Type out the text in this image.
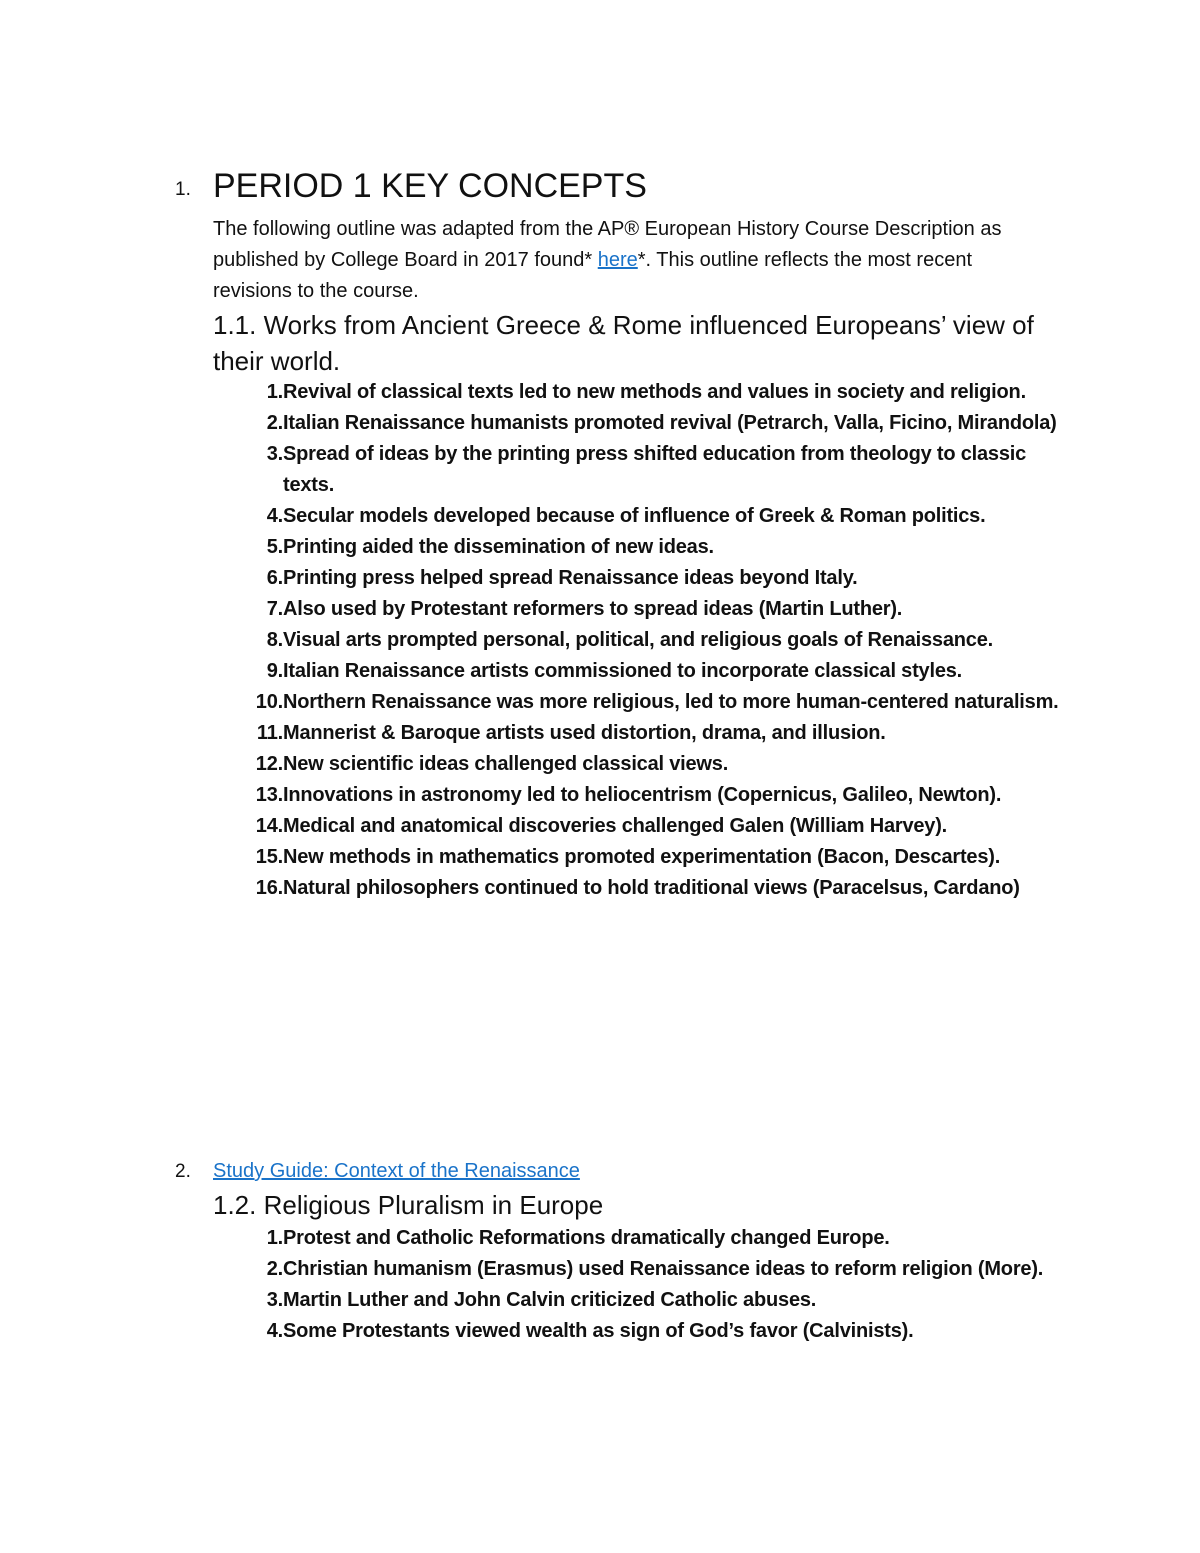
1. PERIOD 1 KEY CONCEPTS

The following outline was adapted from the AP® European History Course Description as published by College Board in 2017 found* here*. This outline reflects the most recent revisions to the course.

1.1. Works from Ancient Greece & Rome influenced Europeans’ view of their world.
1. Revival of classical texts led to new methods and values in society and religion.
2. Italian Renaissance humanists promoted revival (Petrarch, Valla, Ficino, Mirandola)
3. Spread of ideas by the printing press shifted education from theology to classic texts.
4. Secular models developed because of influence of Greek & Roman politics.
5. Printing aided the dissemination of new ideas.
6. Printing press helped spread Renaissance ideas beyond Italy.
7. Also used by Protestant reformers to spread ideas (Martin Luther).
8. Visual arts prompted personal, political, and religious goals of Renaissance.
9. Italian Renaissance artists commissioned to incorporate classical styles.
10. Northern Renaissance was more religious, led to more human-centered naturalism.
11. Mannerist & Baroque artists used distortion, drama, and illusion.
12. New scientific ideas challenged classical views.
13. Innovations in astronomy led to heliocentrism (Copernicus, Galileo, Newton).
14. Medical and anatomical discoveries challenged Galen (William Harvey).
15. New methods in mathematics promoted experimentation (Bacon, Descartes).
16. Natural philosophers continued to hold traditional views (Paracelsus, Cardano)
2. Study Guide: Context of the Renaissance
1.2. Religious Pluralism in Europe
1. Protest and Catholic Reformations dramatically changed Europe.
2. Christian humanism (Erasmus) used Renaissance ideas to reform religion (More).
3. Martin Luther and John Calvin criticized Catholic abuses.
4. Some Protestants viewed wealth as sign of God’s favor (Calvinists).
